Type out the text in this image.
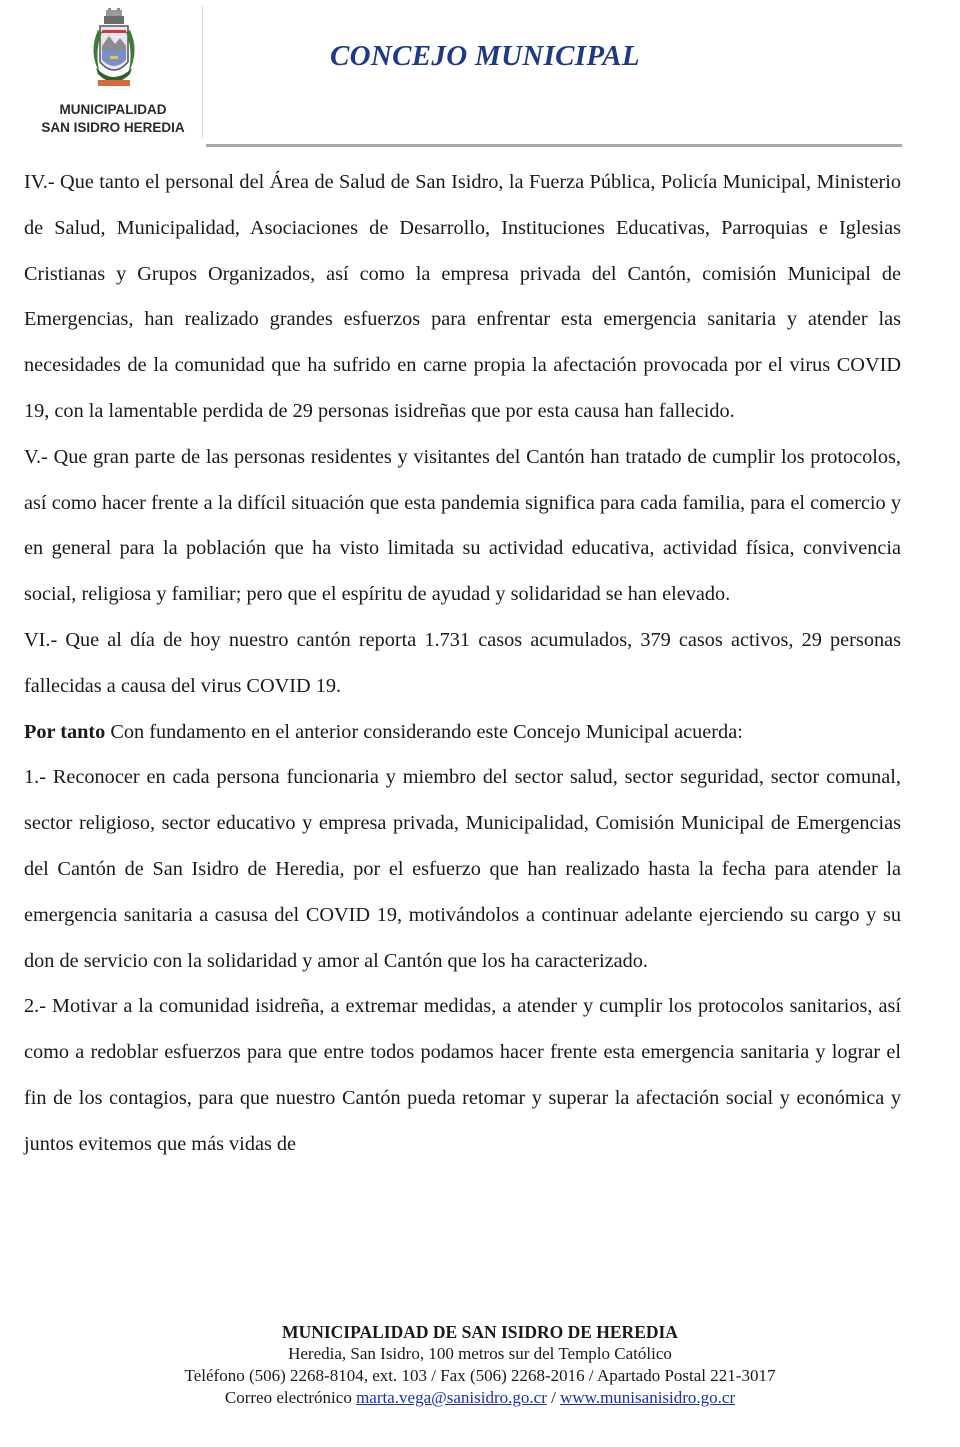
MUNICIPALIDAD
SAN ISIDRO HEREDIA
CONCEJO MUNICIPAL

IV.- Que tanto el personal del Área de Salud de San Isidro, la Fuerza Pública, Policía Municipal, Ministerio de Salud, Municipalidad, Asociaciones de Desarrollo, Instituciones Educativas, Parroquias e Iglesias Cristianas y Grupos Organizados, así como la empresa privada del Cantón, comisión Municipal de Emergencias, han realizado grandes esfuerzos para enfrentar esta emergencia sanitaria y atender las necesidades de la comunidad que ha sufrido en carne propia la afectación provocada por el virus COVID 19, con la lamentable perdida de 29 personas isidreñas que por esta causa han fallecido.

V.- Que gran parte de las personas residentes y visitantes del Cantón han tratado de cumplir los protocolos, así como hacer frente a la difícil situación que esta pandemia significa para cada familia, para el comercio y en general para la población que ha visto limitada su actividad educativa, actividad física, convivencia social, religiosa y familiar; pero que el espíritu de ayudad y solidaridad se han elevado.

VI.- Que al día de hoy nuestro cantón reporta 1.731 casos acumulados, 379 casos activos, 29 personas fallecidas a causa del virus COVID 19.

Por tanto Con fundamento en el anterior considerando este Concejo Municipal acuerda:

1.- Reconocer en cada persona funcionaria y miembro del sector salud, sector seguridad, sector comunal, sector religioso, sector educativo y empresa privada, Municipalidad, Comisión Municipal de Emergencias del Cantón de San Isidro de Heredia, por el esfuerzo que han realizado hasta la fecha para atender la emergencia sanitaria a casusa del COVID 19, motivándolos a continuar adelante ejerciendo su cargo y su don de servicio con la solidaridad y amor al Cantón que los ha caracterizado.

2.- Motivar a la comunidad isidreña, a extremar medidas, a atender y cumplir los protocolos sanitarios, así como a redoblar esfuerzos para que entre todos podamos hacer frente esta emergencia sanitaria y lograr el fin de los contagios, para que nuestro Cantón pueda retomar y superar la afectación social y económica y juntos evitemos que más vidas de

MUNICIPALIDAD DE SAN ISIDRO DE HEREDIA
Heredia, San Isidro, 100 metros sur del Templo Católico
Teléfono (506) 2268-8104, ext. 103 / Fax (506) 2268-2016 / Apartado Postal 221-3017
Correo electrónico marta.vega@sanisidro.go.cr / www.munisanisidro.go.cr
